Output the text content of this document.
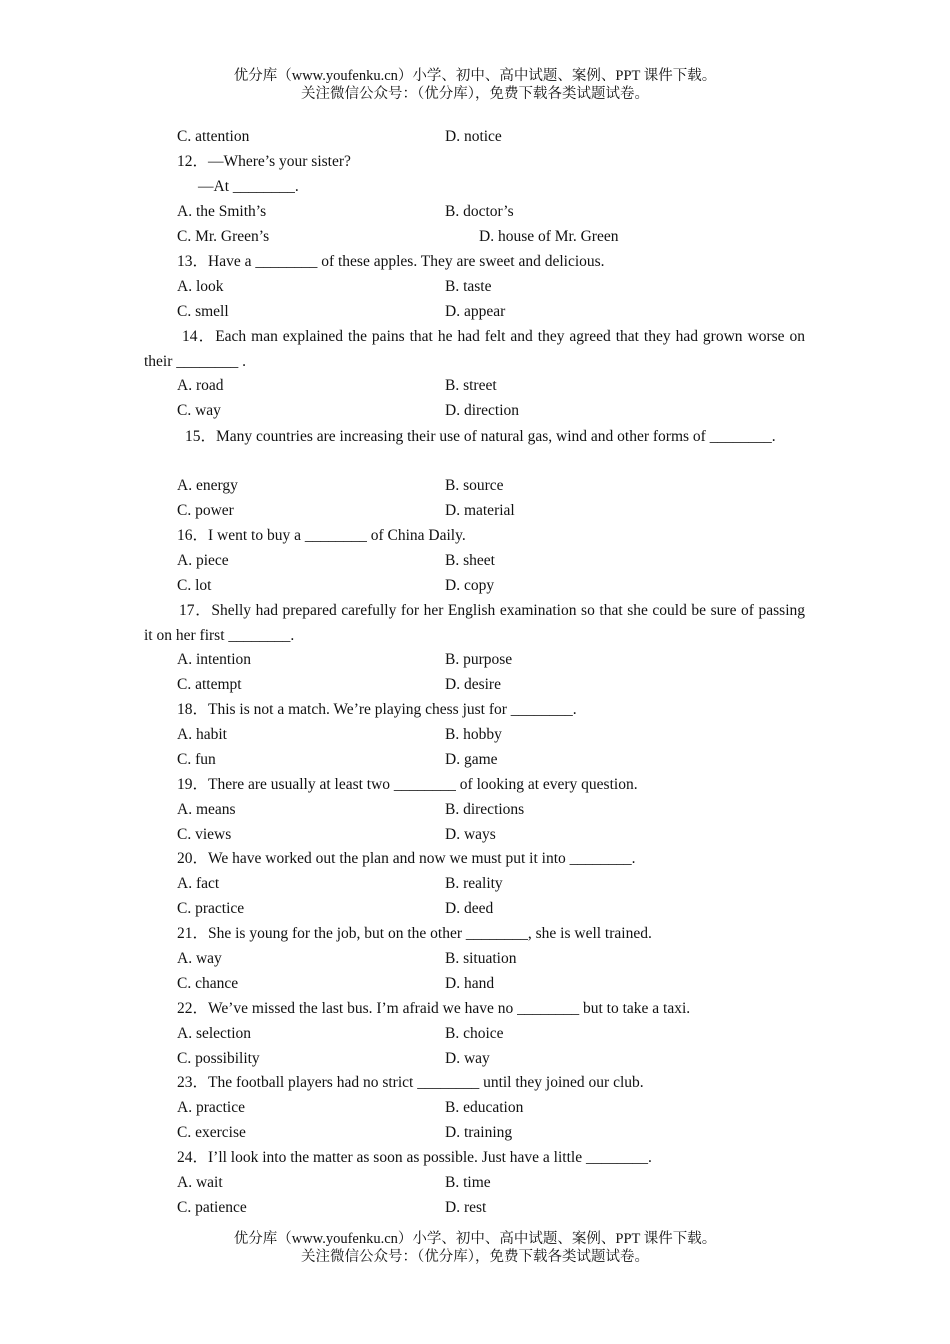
优分库（www.youfenku.cn）小学、初中、高中试题、案例、PPT 课件下载。
关注微信公众号：（优分库），免费下载各类试题试卷。
C. attention	D. notice
12．—Where’s your sister?
—At ________.
A. the Smith’s	B. doctor’s
C. Mr. Green’s	D. house of Mr. Green
13．Have a ________ of these apples. They are sweet and delicious.
A. look	B. taste
C. smell	D. appear
14．Each man explained the pains that he had felt and they agreed that they had grown worse on their ________ .
A. road	B. street
C. way	D. direction
15．Many countries are increasing their use of natural gas, wind and other forms of ________.
A. energy	B. source
C. power	D. material
16．I went to buy a ________ of China Daily.
A. piece	B. sheet
C. lot	D. copy
17．Shelly had prepared carefully for her English examination so that she could be sure of passing it on her first ________.
A. intention	B. purpose
C. attempt	D. desire
18．This is not a match. We’re playing chess just for ________.
A. habit	B. hobby
C. fun	D. game
19．There are usually at least two ________ of looking at every question.
A. means	B. directions
C. views	D. ways
20．We have worked out the plan and now we must put it into ________.
A. fact	B. reality
C. practice	D. deed
21．She is young for the job, but on the other ________, she is well trained.
A. way	B. situation
C. chance	D. hand
22．We’ve missed the last bus. I’m afraid we have no ________ but to take a taxi.
A. selection	B. choice
C. possibility	D. way
23．The football players had no strict ________ until they joined our club.
A. practice	B. education
C. exercise	D. training
24．I’ll look into the matter as soon as possible. Just have a little ________.
A. wait	B. time
C. patience	D. rest
优分库（www.youfenku.cn）小学、初中、高中试题、案例、PPT 课件下载。
关注微信公众号：（优分库），免费下载各类试题试卷。
